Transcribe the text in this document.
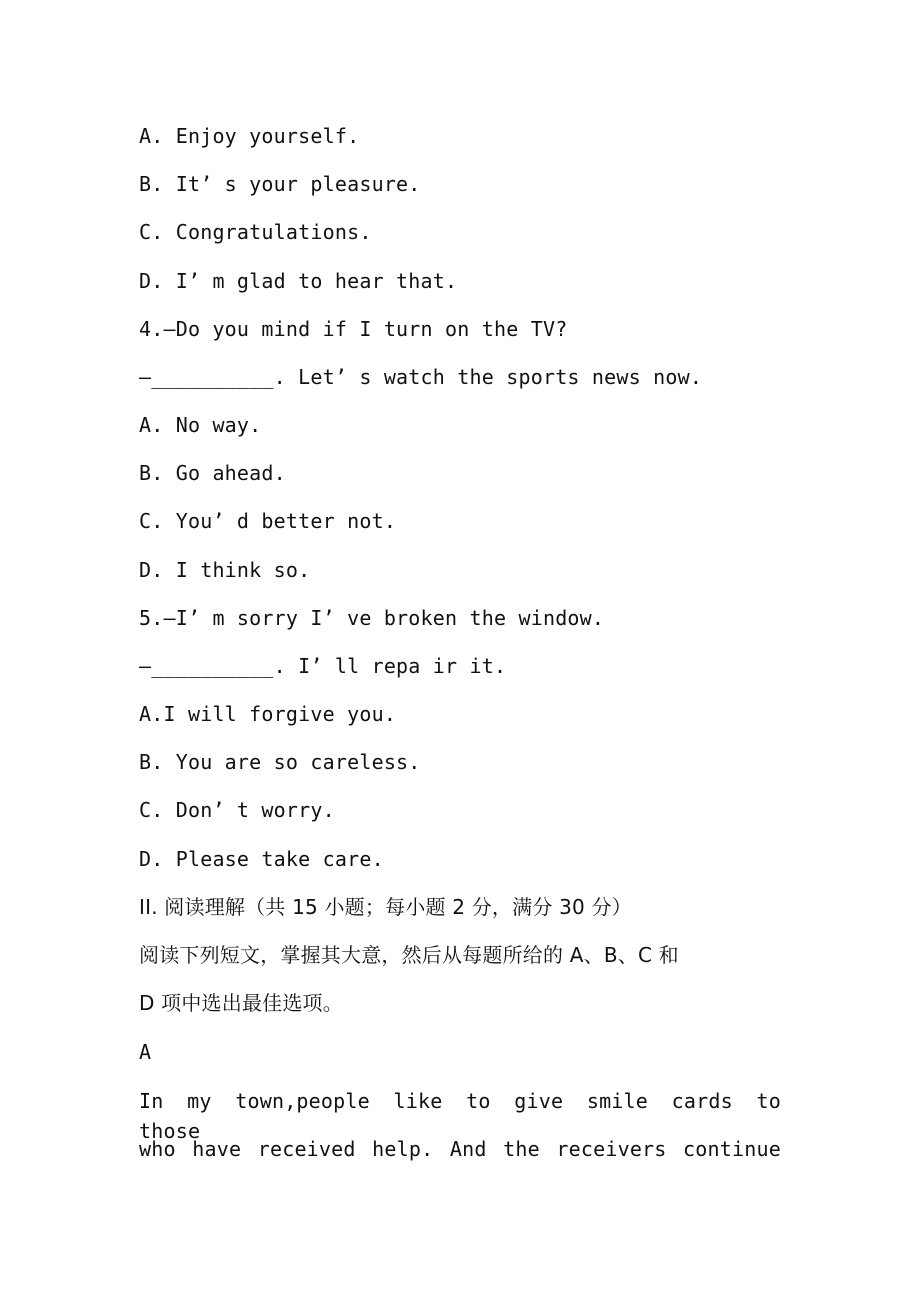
A. Enjoy yourself.
B. It’ s your pleasure.
C. Congratulations.
D. I’ m glad to hear that.
4.—Do you mind if I turn on the TV?
—__________. Let’ s watch the sports news now.
A. No way.
B. Go ahead.
C. You’ d better not.
D. I think so.
5.—I’ m sorry I’ ve broken the window.
—__________. I’ ll repa ir it.
A.I will forgive you.
B. You are so careless.
C. Don’ t worry.
D. Please take care.
II. 阅读理解（共 15 小题；每小题 2 分，满分 30 分）
阅读下列短文，掌握其大意，然后从每题所给的 A、B、C 和
D 项中选出最佳选项。
A
In my town,people like to give smile cards to those
who have received help. And the receivers continue
